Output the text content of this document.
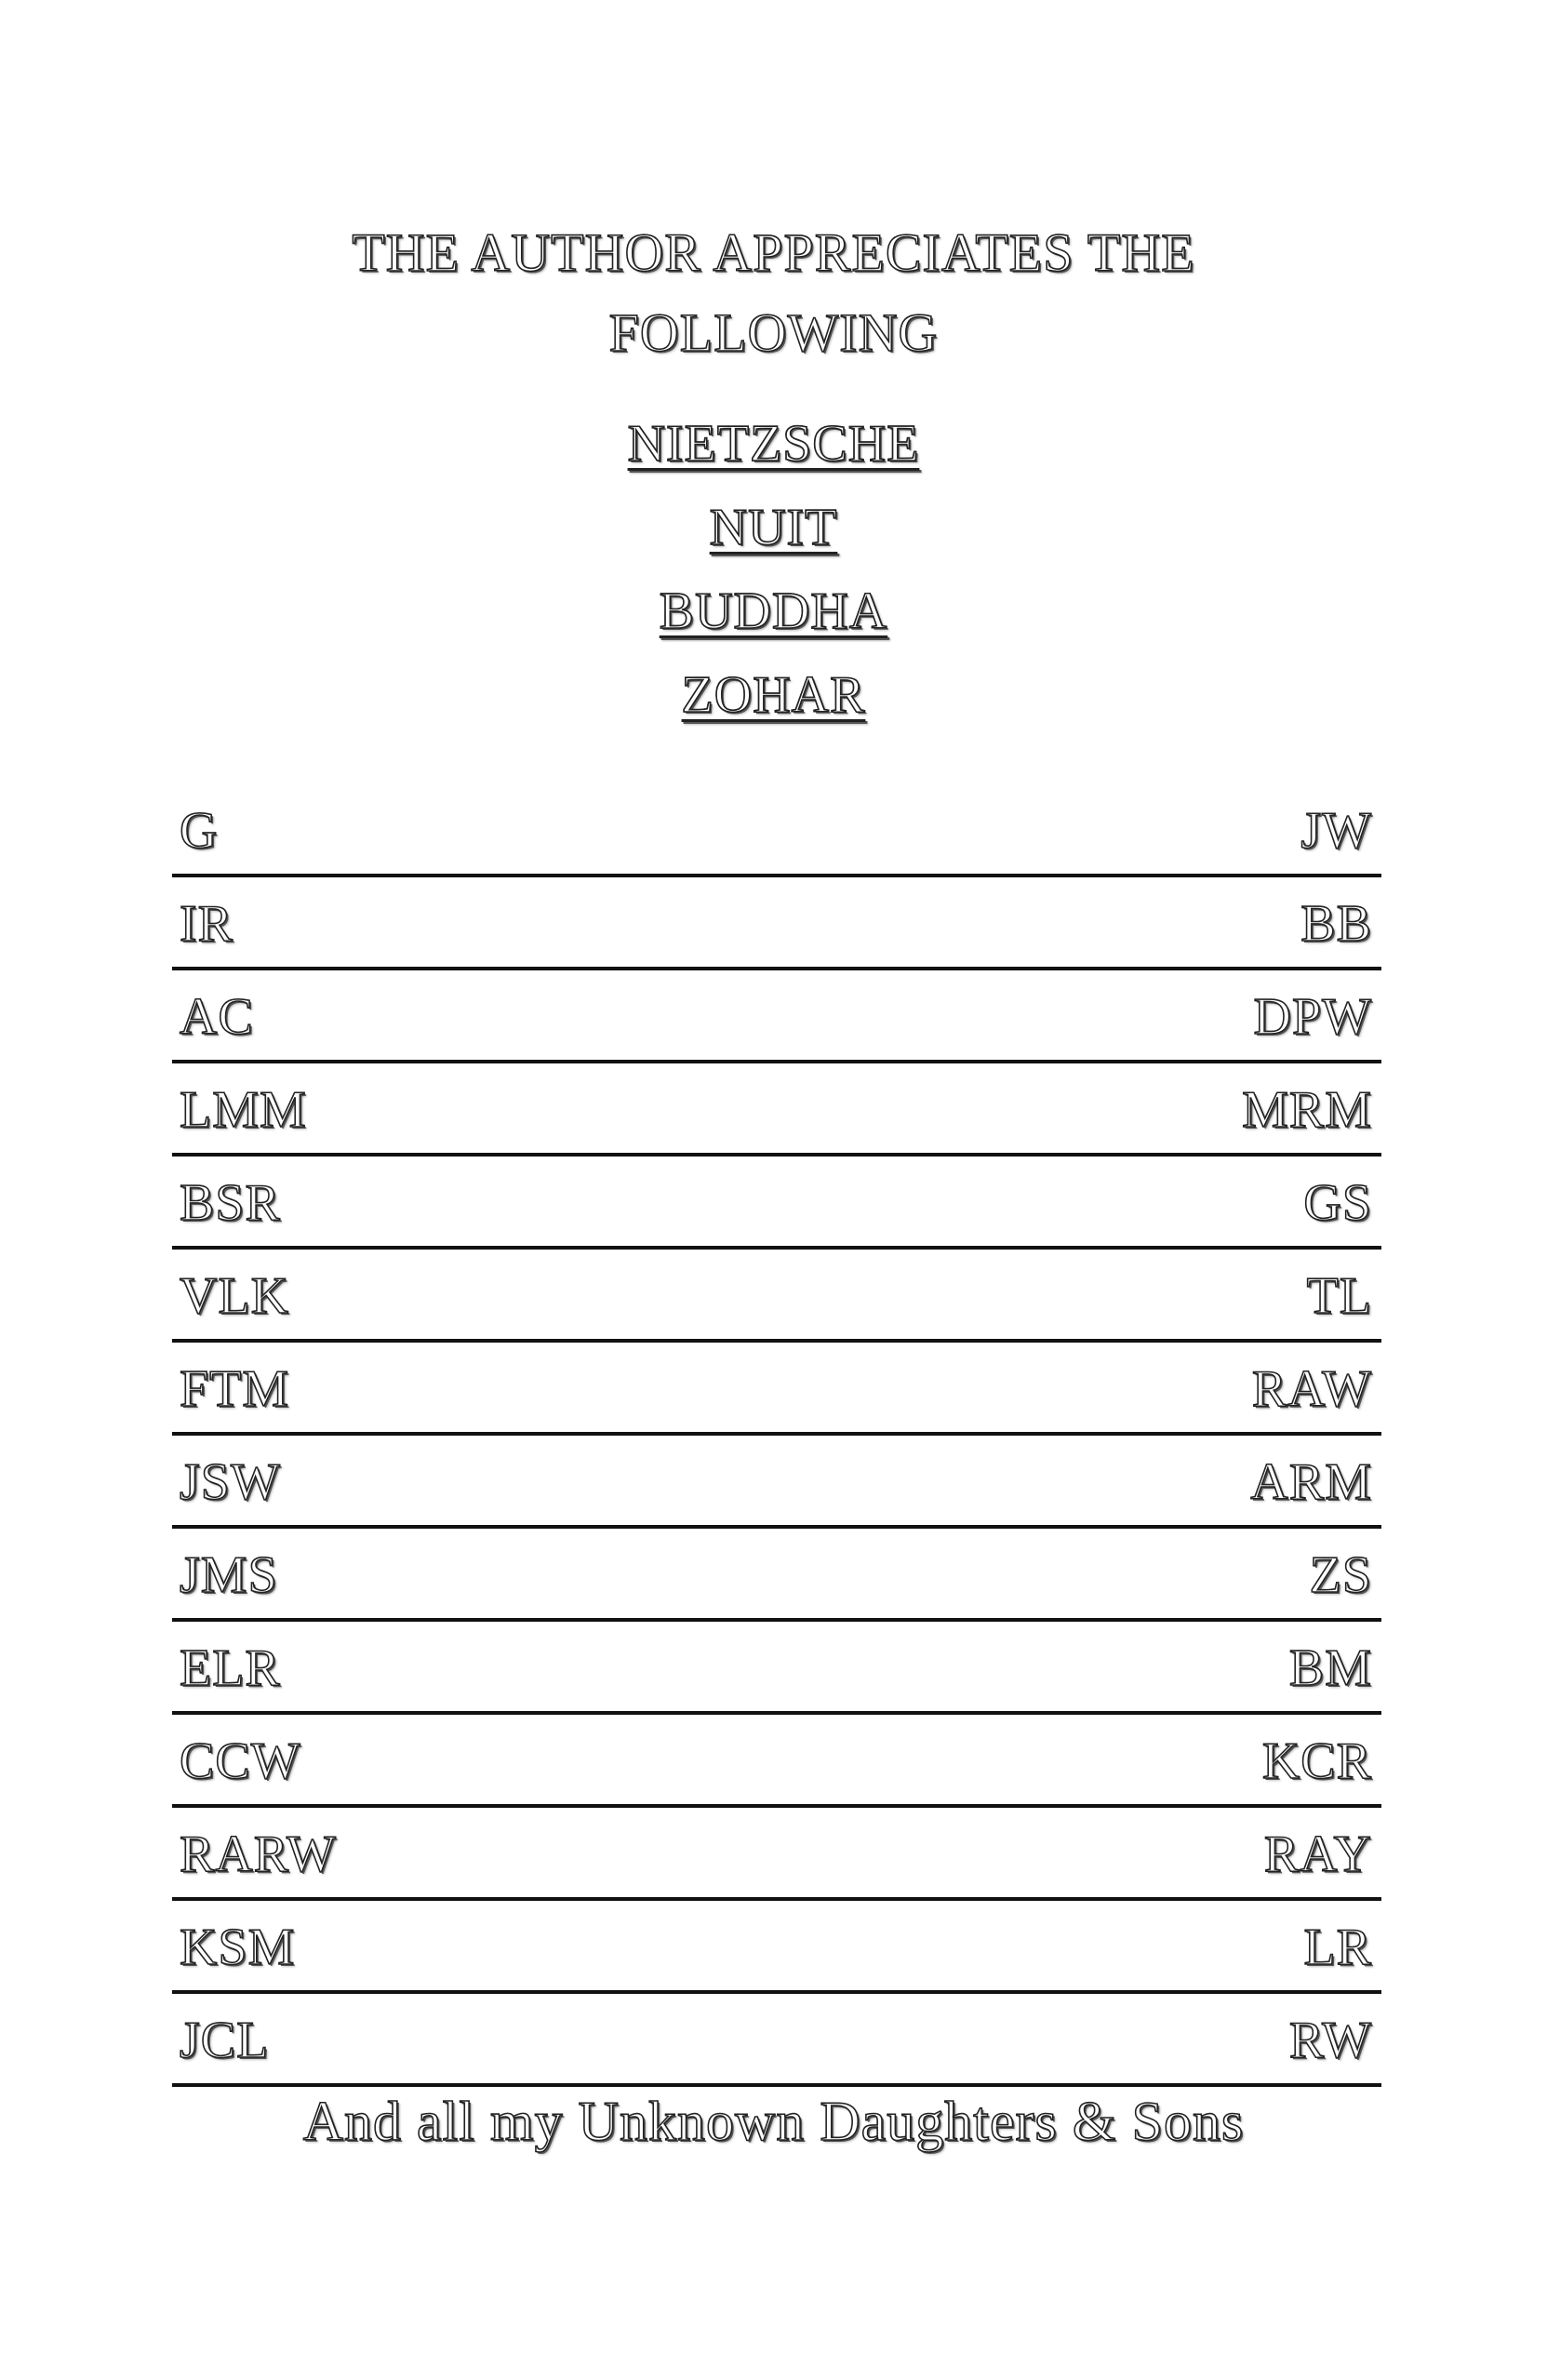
THE AUTHOR APPRECIATES THE
FOLLOWING
NIETZSCHE
NUIT
BUDDHA
ZOHAR
G	JW
IR	BB
AC	DPW
LMM	MRM
BSR	GS
VLK	TL
FTM	RAW
JSW	ARM
JMS	ZS
ELR	BM
CCW	KCR
RARW	RAY
KSM	LR
JCL	RW
And all my Unknown Daughters & Sons
